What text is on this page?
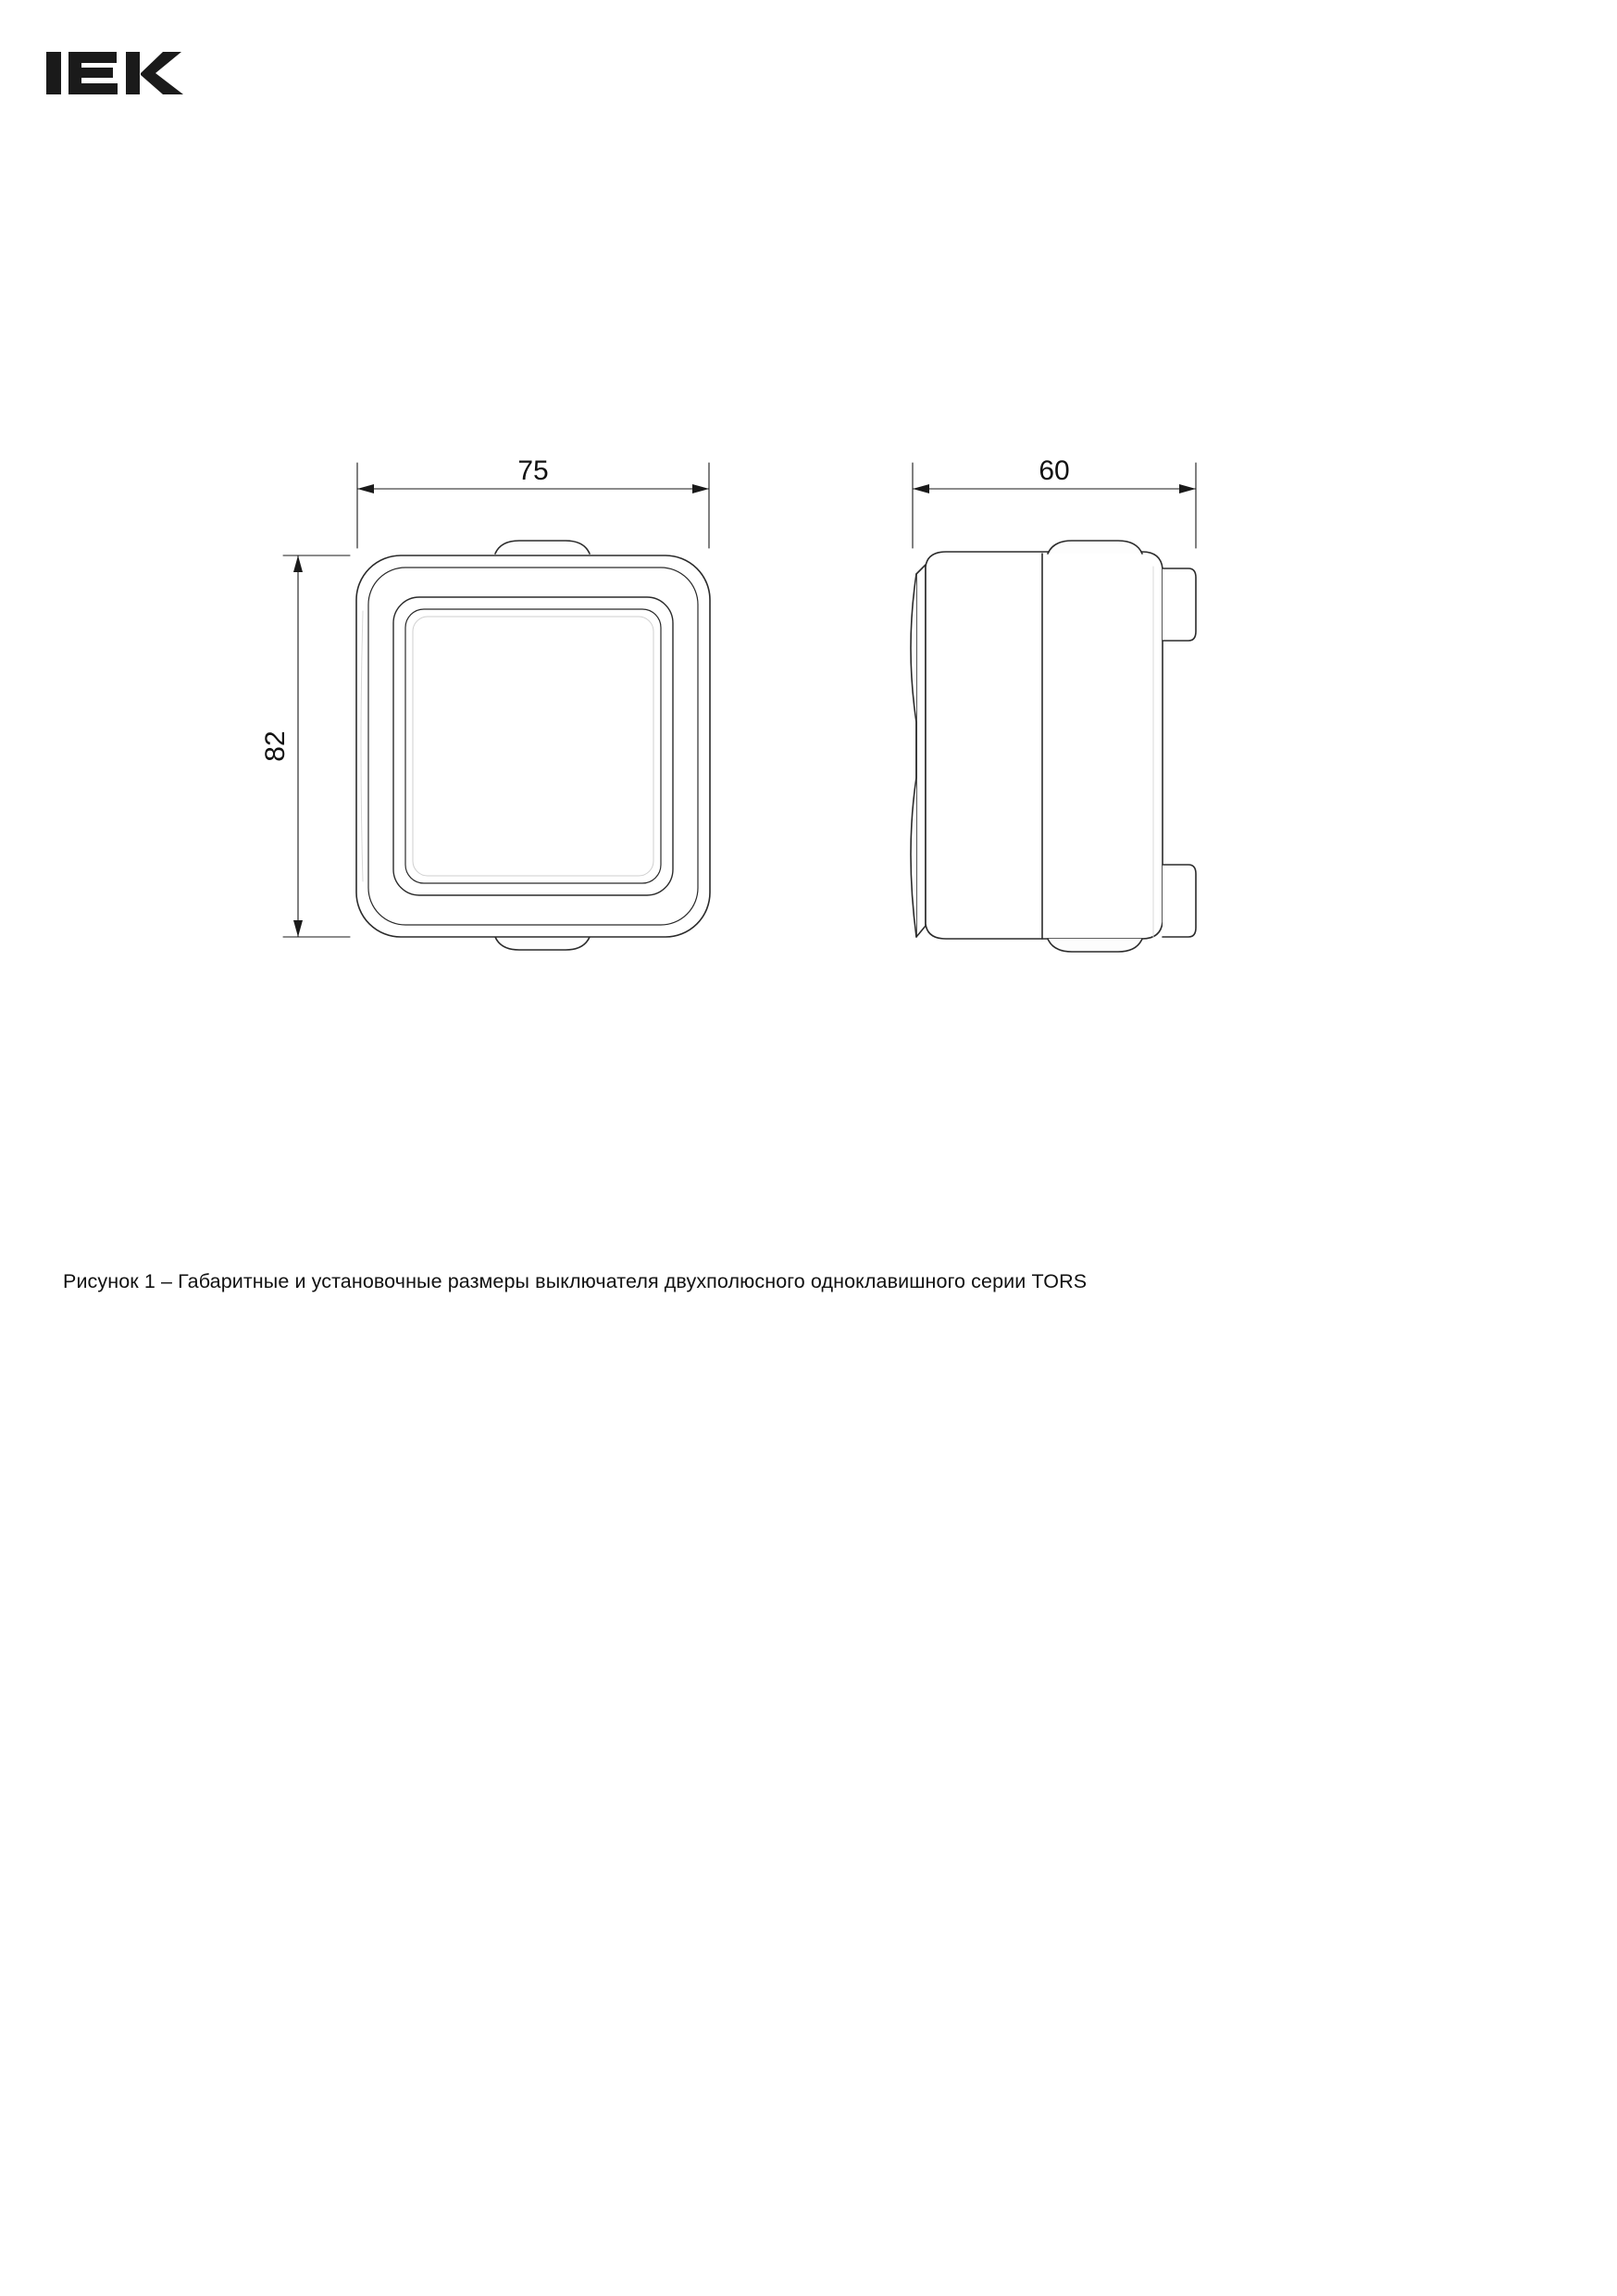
75
82
60
Рисунок 1 – Габаритные и установочные размеры выключателя двухполюсного одноклавишного серии TORS
